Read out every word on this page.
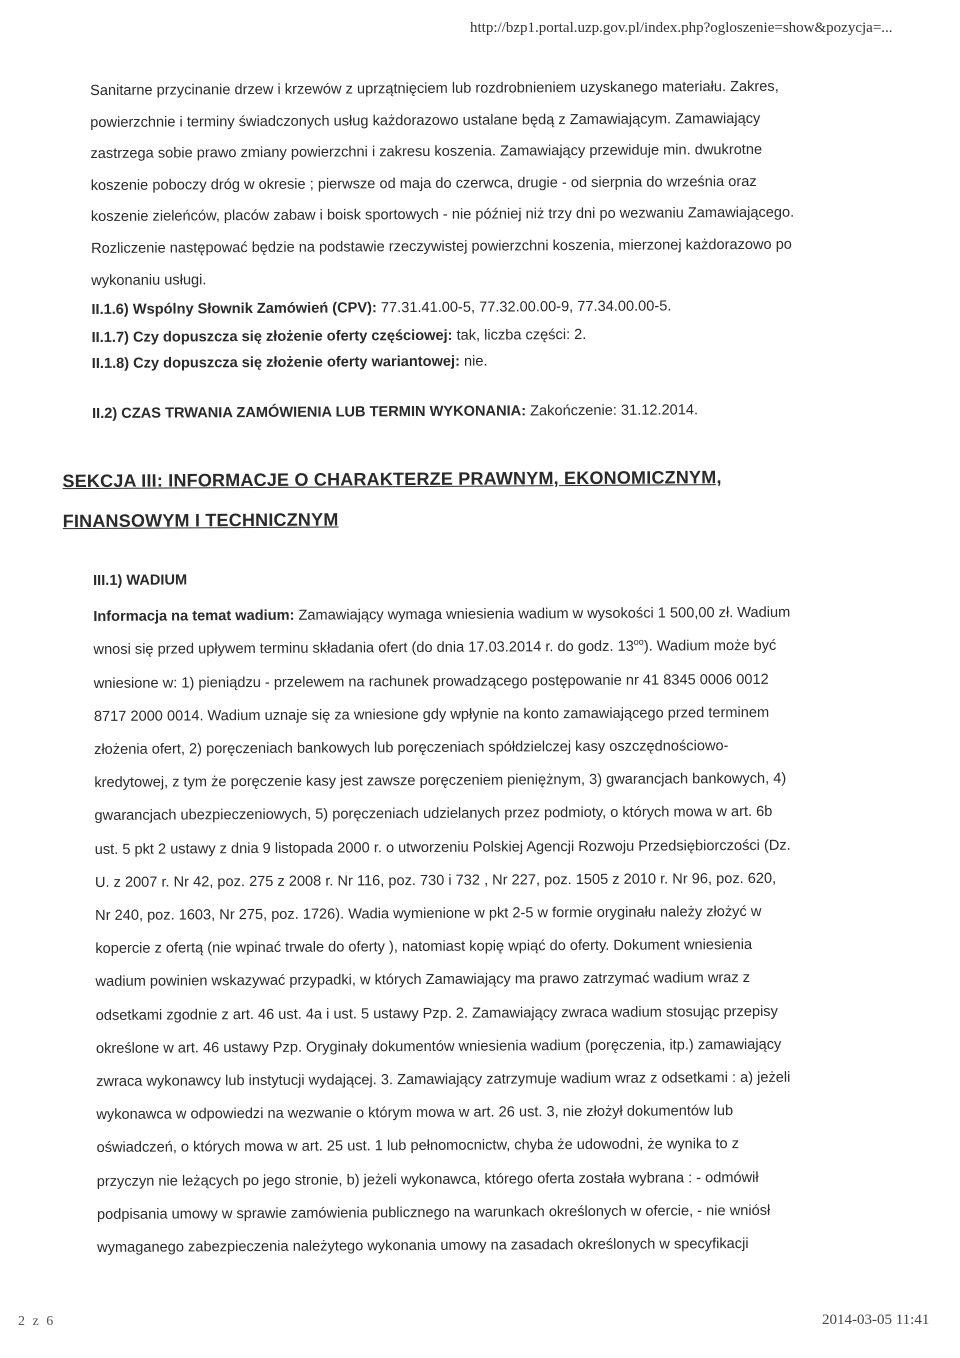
http://bzp1.portal.uzp.gov.pl/index.php?ogloszenie=show&pozycja=...

Sanitarne przycinanie drzew i krzewów z uprzątnięciem lub rozdrobnieniem uzyskanego materiału. Zakres,
powierzchnie i terminy świadczonych usług każdorazowo ustalane będą z Zamawiającym. Zamawiający
zastrzega sobie prawo zmiany powierzchni i zakresu koszenia. Zamawiający przewiduje min. dwukrotne
koszenie poboczy dróg w okresie ; pierwsze od maja do czerwca, drugie - od sierpnia do września oraz
koszenie zieleńców, placów zabaw i boisk sportowych - nie później niż trzy dni po wezwaniu Zamawiającego.
Rozliczenie następować będzie na podstawie rzeczywistej powierzchni koszenia, mierzonej każdorazowo po
wykonaniu usługi.

II.1.6) Wspólny Słownik Zamówień (CPV): 77.31.41.00-5, 77.32.00.00-9, 77.34.00.00-5.

II.1.7) Czy dopuszcza się złożenie oferty częściowej: tak, liczba części: 2.

II.1.8) Czy dopuszcza się złożenie oferty wariantowej: nie.

II.2) CZAS TRWANIA ZAMÓWIENIA LUB TERMIN WYKONANIA: Zakończenie: 31.12.2014.

SEKCJA III: INFORMACJE O CHARAKTERZE PRAWNYM, EKONOMICZNYM,
FINANSOWYM I TECHNICZNYM

III.1) WADIUM

Informacja na temat wadium: Zamawiający wymaga wniesienia wadium w wysokości 1 500,00 zł. Wadium
wnosi się przed upływem terminu składania ofert (do dnia 17.03.2014 r. do godz. $13^{oo}$). Wadium może być
wniesione w: 1) pieniądzu - przelewem na rachunek prowadzącego postępowanie nr 41 8345 0006 0012
8717 2000 0014. Wadium uznaje się za wniesione gdy wpłynie na konto zamawiającego przed terminem
złożenia ofert, 2) poręczeniach bankowych lub poręczeniach spółdzielczej kasy oszczędnościowo-
kredytowej, z tym że poręczenie kasy jest zawsze poręczeniem pieniężnym, 3) gwarancjach bankowych, 4)
gwarancjach ubezpieczeniowych, 5) poręczeniach udzielanych przez podmioty, o których mowa w art. 6b
ust. 5 pkt 2 ustawy z dnia 9 listopada 2000 r. o utworzeniu Polskiej Agencji Rozwoju Przedsiębiorczości (Dz.
U. z 2007 r. Nr 42, poz. 275 z 2008 r. Nr 116, poz. 730 i 732 , Nr 227, poz. 1505 z 2010 r. Nr 96, poz. 620,
Nr 240, poz. 1603, Nr 275, poz. 1726). Wadia wymienione w pkt 2-5 w formie oryginału należy złożyć w
kopercie z ofertą (nie wpinać trwale do oferty ), natomiast kopię wpiąć do oferty. Dokument wniesienia
wadium powinien wskazywać przypadki, w których Zamawiający ma prawo zatrzymać wadium wraz z
odsetkami zgodnie z art. 46 ust. 4a i ust. 5 ustawy Pzp. 2. Zamawiający zwraca wadium stosując przepisy
określone w art. 46 ustawy Pzp. Oryginały dokumentów wniesienia wadium (poręczenia, itp.) zamawiający
zwraca wykonawcy lub instytucji wydającej. 3. Zamawiający zatrzymuje wadium wraz z odsetkami : a) jeżeli
wykonawca w odpowiedzi na wezwanie o którym mowa w art. 26 ust. 3, nie złożył dokumentów lub
oświadczeń, o których mowa w art. 25 ust. 1 lub pełnomocnictw, chyba że udowodni, że wynika to z
przyczyn nie leżących po jego stronie, b) jeżeli wykonawca, którego oferta została wybrana : - odmówił
podpisania umowy w sprawie zamówienia publicznego na warunkach określonych w ofercie, - nie wniósł
wymaganego zabezpieczenia należytego wykonania umowy na zasadach określonych w specyfikacji

2 z 6	2014-03-05 11:41
